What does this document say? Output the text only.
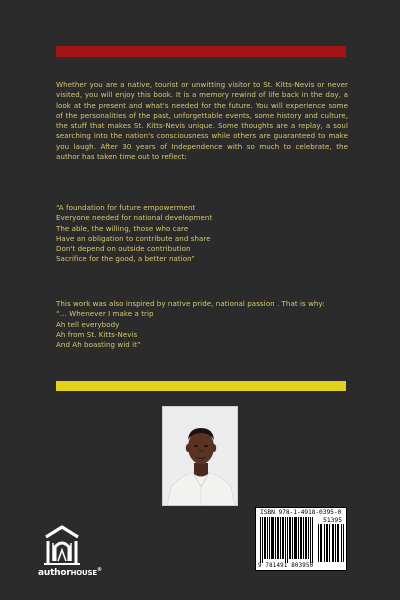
Whether you are a native, tourist or unwitting visitor to St. Kitts-Nevis or never visited, you will enjoy this book. It is a memory rewind of life back in the day, a look at the present and what's needed for the future. You will experience some of the personalities of the past, unforgettable events, some history and culture, the stuff that makes St. Kitts-Nevis unique. Some thoughts are a replay, a soul searching into the nation's consciousness while others are guaranteed to make you laugh. After 30 years of Independence with so much to celebrate, the author has taken time out to reflect:

“A foundation for future empowerment

Everyone needed for national development

The able, the willing, those who care

Have an obligation to contribute and share

Don't depend on outside contribution

Sacrifice for the good, a better nation”

This work was also inspired by native pride, national passion . That is why:

“… Whenever I make a trip

Ah tell everybody

Ah from St. Kitts-Nevis

And Ah boasting wid it”

authorHOUSE®
ISBN 978-1-4918-0395-0
51395
9 781491 803950
